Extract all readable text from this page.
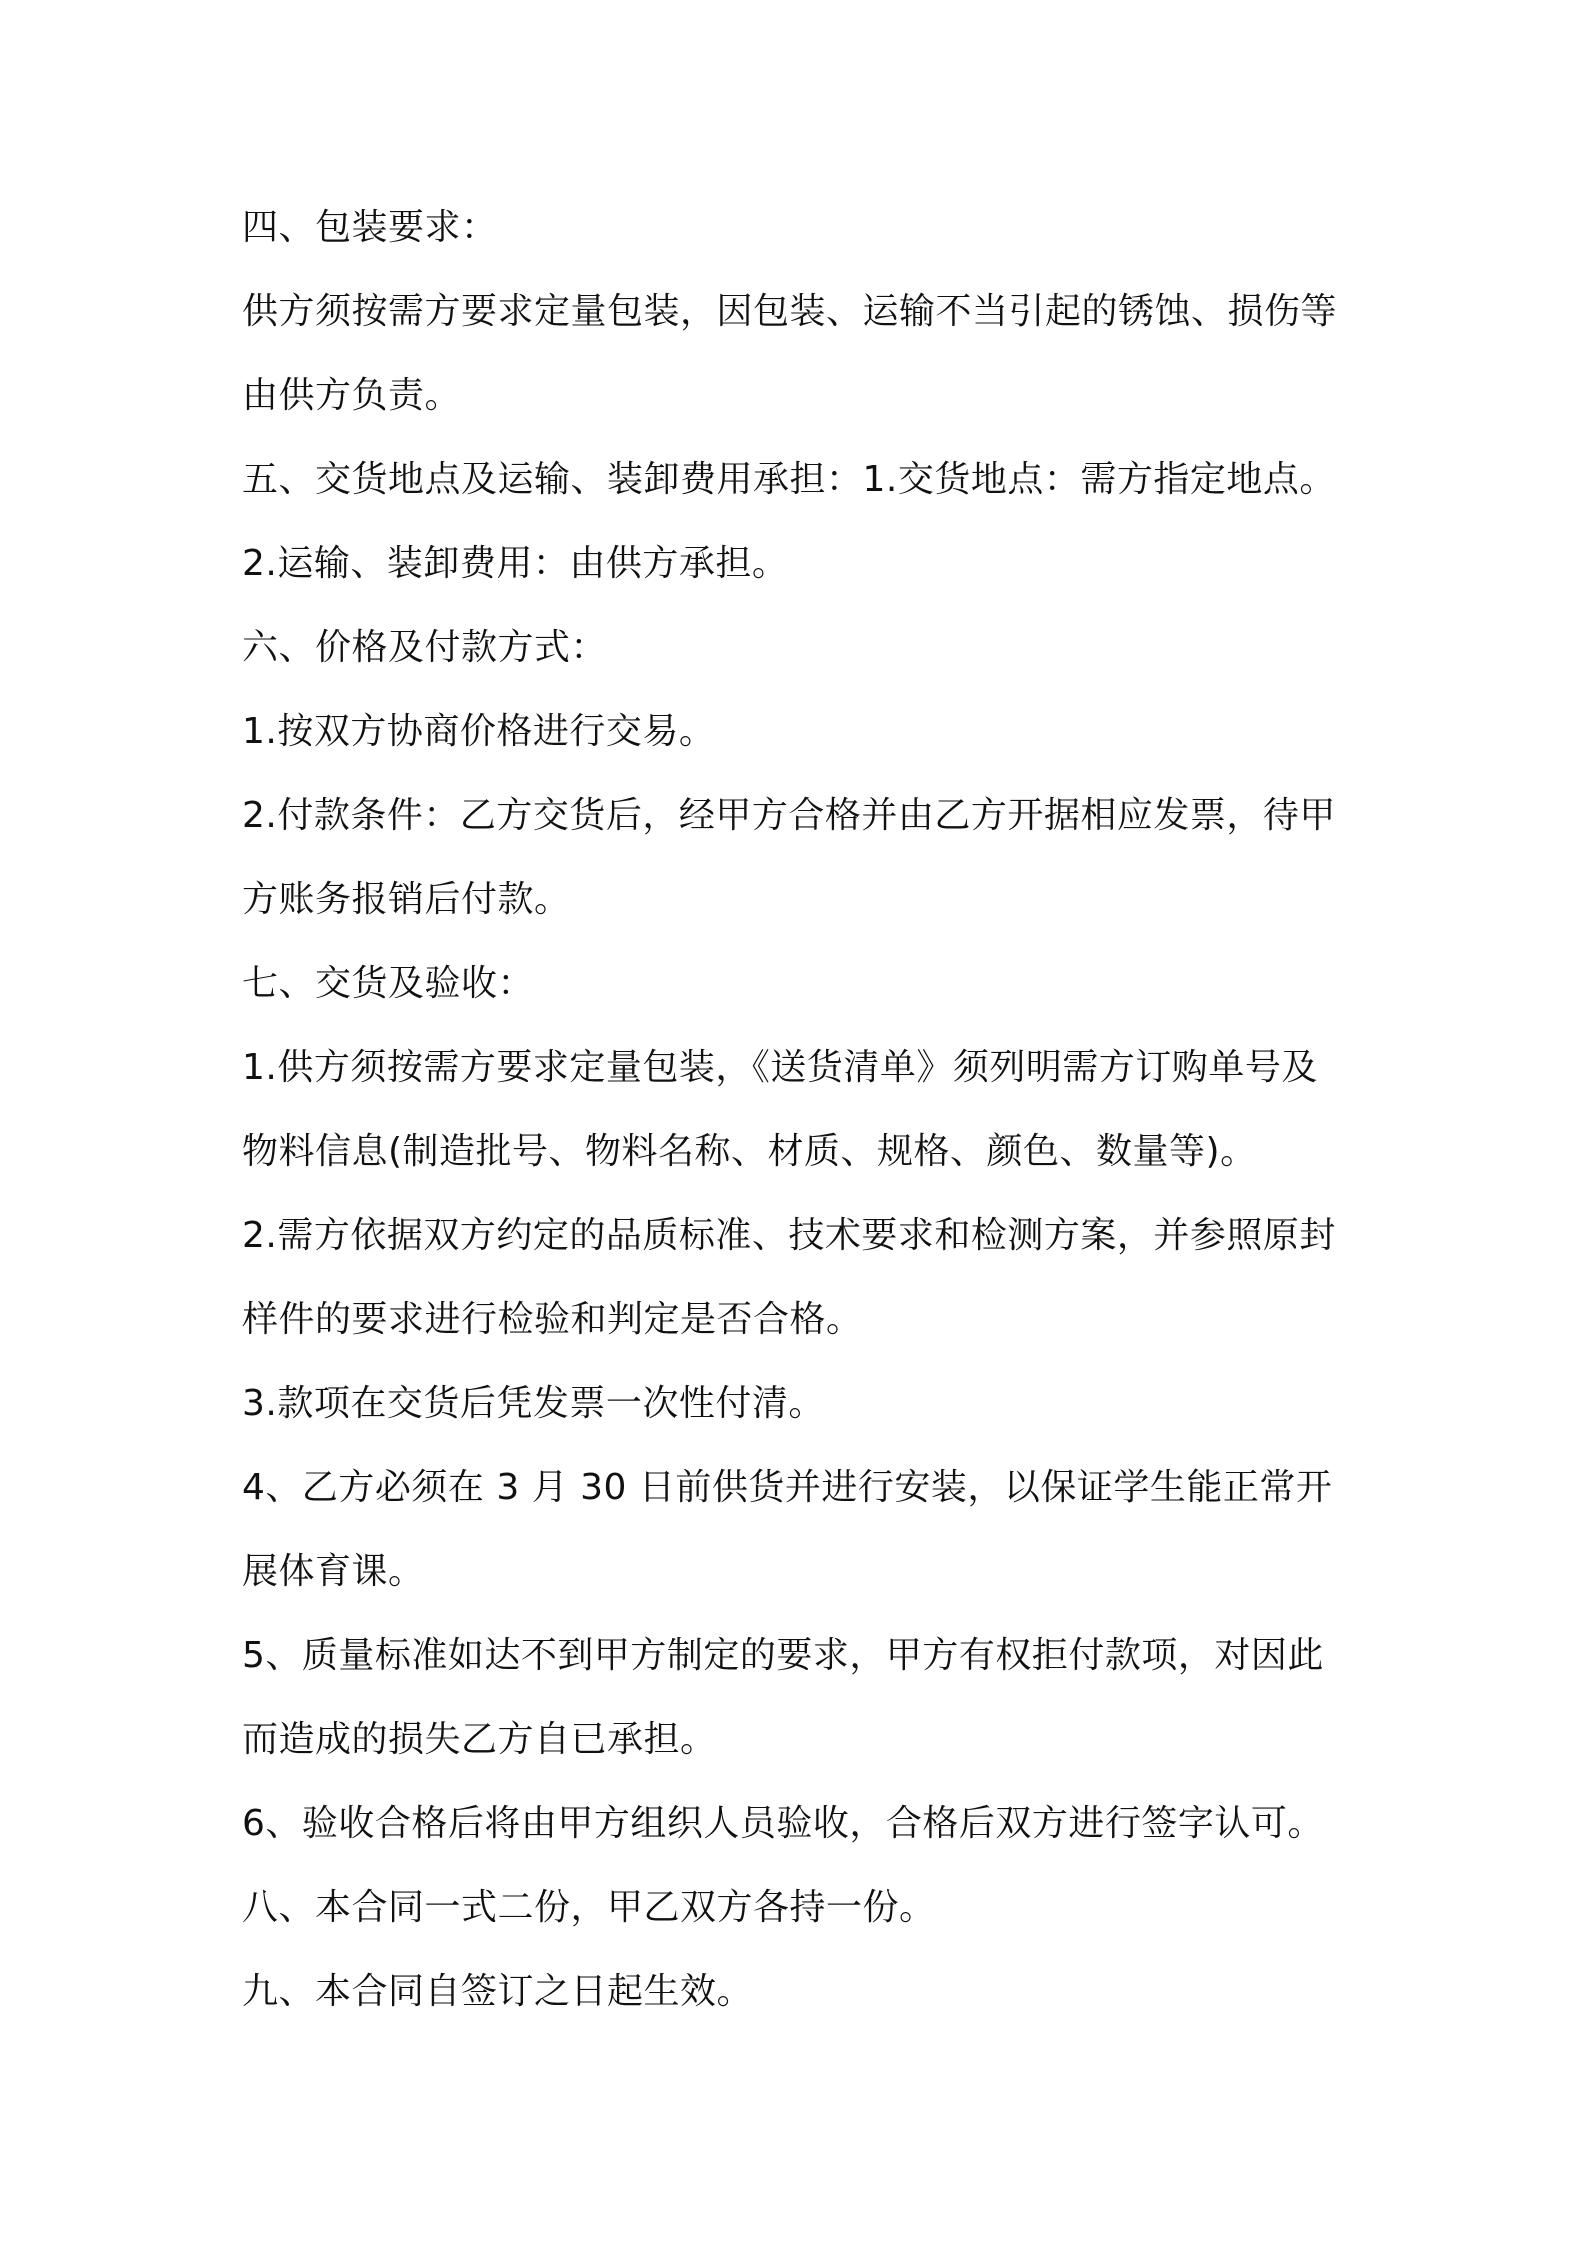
四、包装要求：
供方须按需方要求定量包装，因包装、运输不当引起的锈蚀、损伤等
由供方负责。
五、交货地点及运输、装卸费用承担：1.交货地点：需方指定地点。
2.运输、装卸费用：由供方承担。
六、价格及付款方式：
1.按双方协商价格进行交易。
2.付款条件：乙方交货后，经甲方合格并由乙方开据相应发票，待甲
方账务报销后付款。
七、交货及验收：
1.供方须按需方要求定量包装，《送货清单》须列明需方订购单号及
物料信息(制造批号、物料名称、材质、规格、颜色、数量等)。
2.需方依据双方约定的品质标准、技术要求和检测方案，并参照原封
样件的要求进行检验和判定是否合格。
3.款项在交货后凭发票一次性付清。
4、乙方必须在 3 月 30 日前供货并进行安装，以保证学生能正常开
展体育课。
5、质量标准如达不到甲方制定的要求，甲方有权拒付款项，对因此
而造成的损失乙方自已承担。
6、验收合格后将由甲方组织人员验收，合格后双方进行签字认可。
八、本合同一式二份，甲乙双方各持一份。
九、本合同自签订之日起生效。
